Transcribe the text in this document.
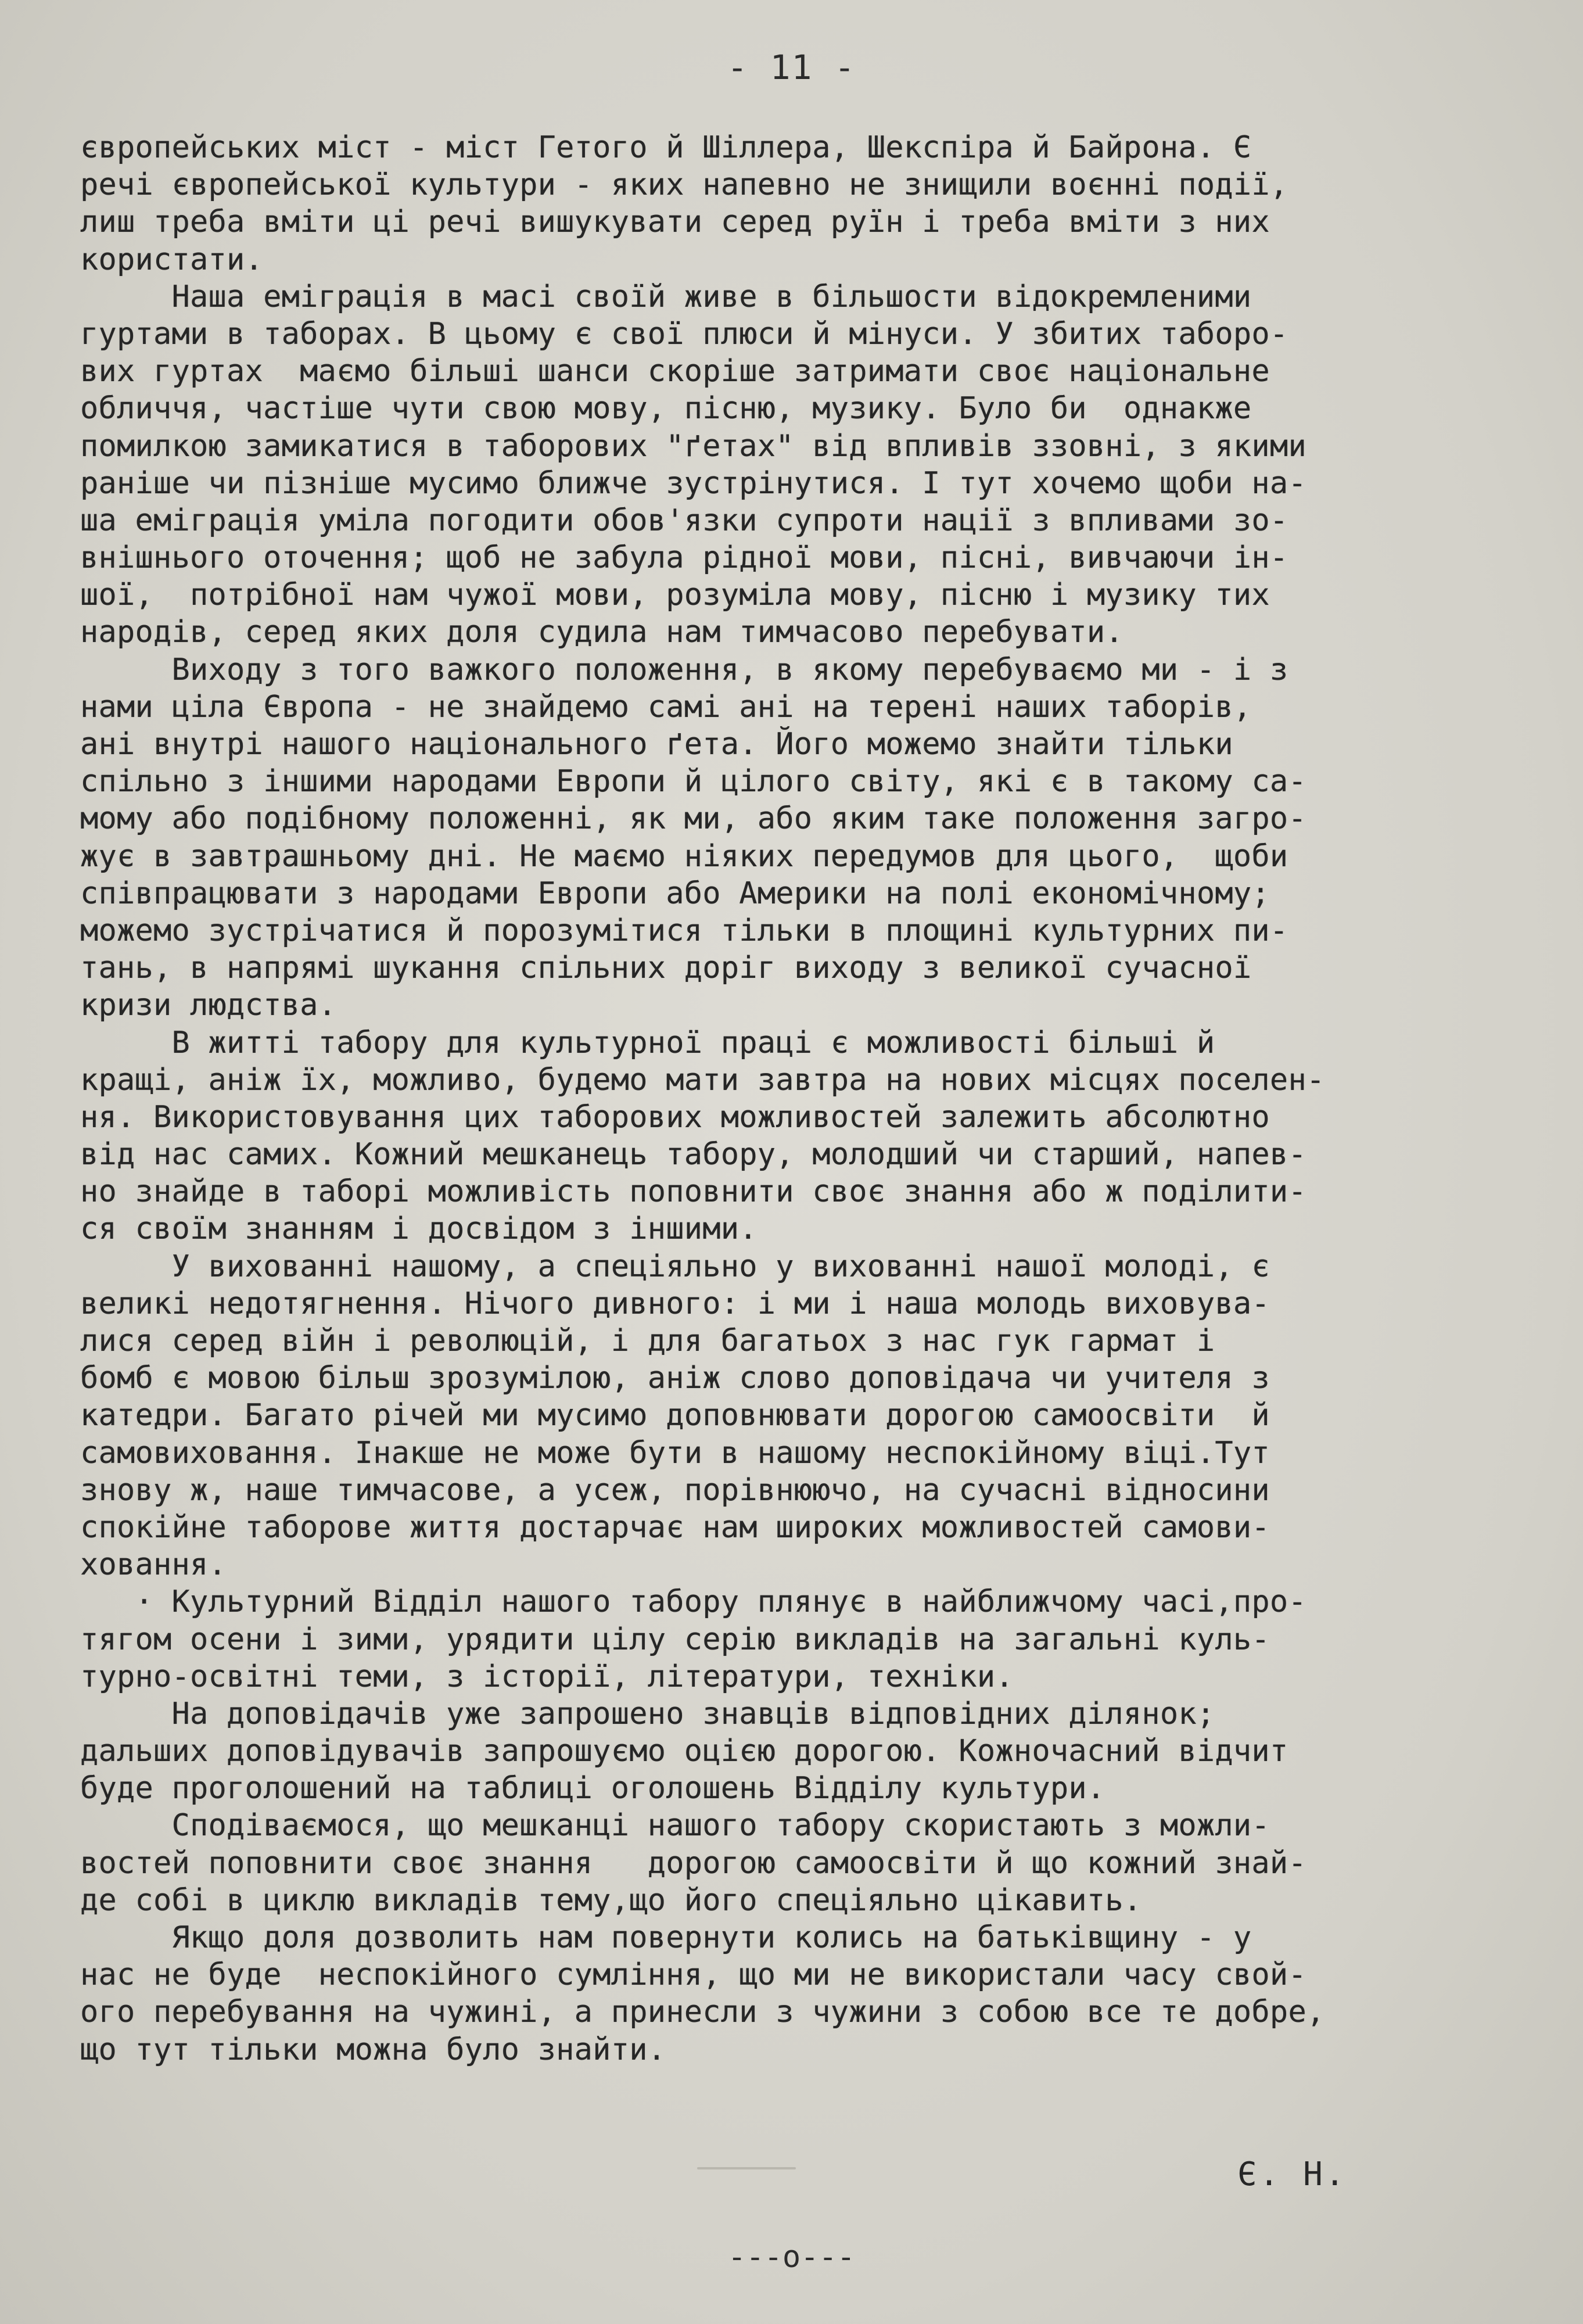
- 11 -
європейських міст - міст Гетого й Шіллера, Шекспіра й Байрона. Є
речі європейської культури - яких напевно не знищили воєнні події,
лиш треба вміти ці речі вишукувати серед руїн і треба вміти з них
користати.
Наша еміграція в масі своїй живе в більшости відокремленими
гуртами в таборах. В цьому є свої плюси й мінуси. У збитих таборо-
вих гуртах  маємо більші шанси скоріше затримати своє національне
обличчя, частіше чути свою мову, пісню, музику. Було би  однакже
помилкою замикатися в таборових "ґетах" від впливів ззовні, з якими
раніше чи пізніше мусимо ближче зустрінутися. І тут хочемо щоби на-
ша еміграція уміла погодити обов'язки супроти нації з впливами зо-
внішнього оточення; щоб не забула рідної мови, пісні, вивчаючи ін-
шої,  потрібної нам чужої мови, розуміла мову, пісню і музику тих
народів, серед яких доля судила нам тимчасово перебувати.
Виходу з того важкого положення, в якому перебуваємо ми - і з
нами ціла Європа - не знайдемо самі ані на терені наших таборів,
ані внутрі нашого національного ґета. Його можемо знайти тільки
спільно з іншими народами Европи й цілого світу, які є в такому са-
мому або подібному положенні, як ми, або яким таке положення загро-
жує в завтрашньому дні. Не маємо ніяких передумов для цього,  щоби
співпрацювати з народами Европи або Америки на полі економічному;
можемо зустрічатися й порозумітися тільки в площині культурних пи-
тань, в напрямі шукання спільних доріг виходу з великої сучасної
кризи людства.
В житті табору для культурної праці є можливості більші й
кращі, аніж їх, можливо, будемо мати завтра на нових місцях поселен-
ня. Використовування цих таборових можливостей залежить абсолютно
від нас самих. Кожний мешканець табору, молодший чи старший, напев-
но знайде в таборі можливість поповнити своє знання або ж поділити-
ся своїм знанням і досвідом з іншими.
У вихованні нашому, а спеціяльно у вихованні нашої молоді, є
великі недотягнення. Нічого дивного: і ми і наша молодь виховува-
лися серед війн і революцій, і для багатьох з нас гук гармат і
бомб є мовою більш зрозумілою, аніж слово доповідача чи учителя з
катедри. Багато річей ми мусимо доповнювати дорогою самоосвіти  й
самовиховання. Інакше не може бути в нашому неспокійному віці.Тут
знову ж, наше тимчасове, а усеж, порівнюючо, на сучасні відносини
спокійне таборове життя достарчає нам широких можливостей самови-
ховання.
· Культурний Відділ нашого табору плянує в найближчому часі,про-
тягом осени і зими, урядити цілу серію викладів на загальні куль-
турно-освітні теми, з історії, літератури, техніки.
На доповідачів уже запрошено знавців відповідних ділянок;
дальших доповідувачів запрошуємо оцією дорогою. Кожночасний відчит
буде проголошений на таблиці оголошень Відділу культури.
Сподіваємося, що мешканці нашого табору скористають з можли-
востей поповнити своє знання   дорогою самоосвіти й що кожний знай-
де собі в циклю викладів тему,що його спеціяльно цікавить.
Якщо доля дозволить нам повернути колись на батьківщину - у
нас не буде  неспокійного сумління, що ми не використали часу свой-
ого перебування на чужині, а принесли з чужини з собою все те добре,
що тут тільки можна було знайти.
Є. Н.
---о---
